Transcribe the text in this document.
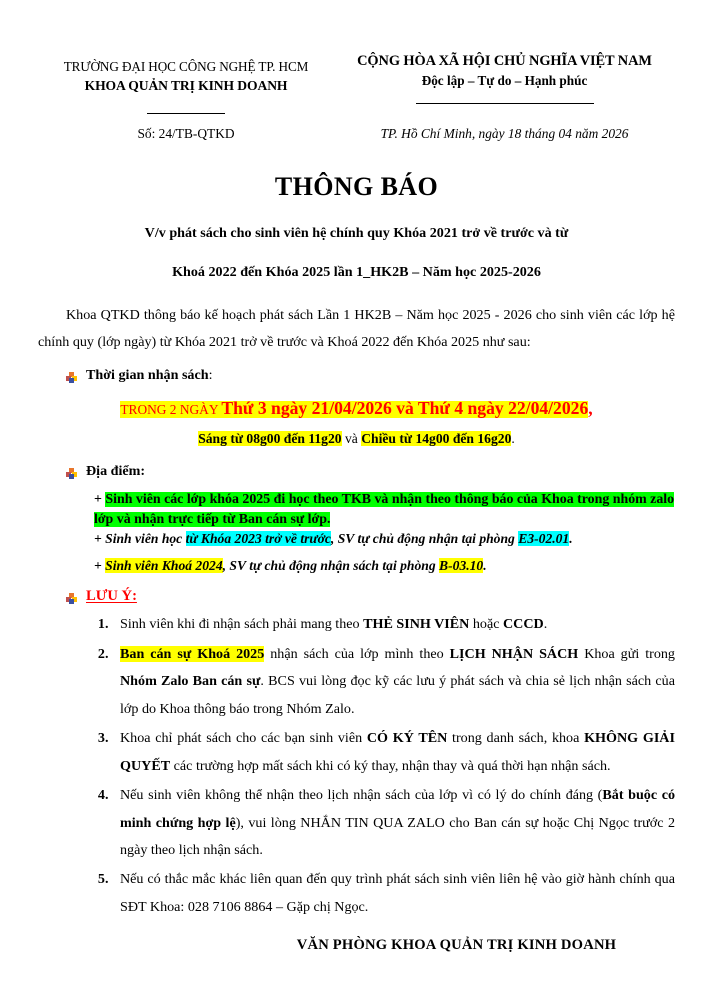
TRƯỜNG ĐẠI HỌC CÔNG NGHỆ TP. HCM
KHOA QUẢN TRỊ KINH DOANH
CỘNG HÒA XÃ HỘI CHỦ NGHĨA VIỆT NAM
Độc lập – Tự do – Hạnh phúc
Số: 24/TB-QTKD	TP. Hồ Chí Minh, ngày 18 tháng 04 năm 2026
THÔNG BÁO
V/v phát sách cho sinh viên hệ chính quy Khóa 2021 trở về trước và từ
Khoá 2022 đến Khóa 2025 lần 1_HK2B – Năm học 2025-2026
Khoa QTKD thông báo kế hoạch phát sách Lần 1 HK2B – Năm học 2025 - 2026 cho sinh viên các lớp hệ chính quy (lớp ngày) từ Khóa 2021 trở về trước và Khoá 2022 đến Khóa 2025 như sau:
Thời gian nhận sách:
TRONG 2 NGÀY Thứ 3 ngày 21/04/2026 và Thứ 4 ngày 22/04/2026,
Sáng từ 08g00 đến 11g20 và Chiều từ 14g00 đến 16g20.
Địa điểm:
+ Sinh viên các lớp khóa 2025 đi học theo TKB và nhận theo thông báo của Khoa trong nhóm zalo lớp và nhận trực tiếp từ Ban cán sự lớp.
+ Sinh viên học từ Khóa 2023 trở về trước, SV tự chủ động nhận tại phòng E3-02.01.
+ Sinh viên Khoá 2024, SV tự chủ động nhận sách tại phòng B-03.10.
LƯU Ý:
1. Sinh viên khi đi nhận sách phải mang theo THẺ SINH VIÊN hoặc CCCD.
2. Ban cán sự Khoá 2025 nhận sách của lớp mình theo LỊCH NHẬN SÁCH Khoa gửi trong Nhóm Zalo Ban cán sự. BCS vui lòng đọc kỹ các lưu ý phát sách và chia sẻ lịch nhận sách của lớp do Khoa thông báo trong Nhóm Zalo.
3. Khoa chỉ phát sách cho các bạn sinh viên CÓ KÝ TÊN trong danh sách, khoa KHÔNG GIẢI QUYẾT các trường hợp mất sách khi có ký thay, nhận thay và quá thời hạn nhận sách.
4. Nếu sinh viên không thể nhận theo lịch nhận sách của lớp vì có lý do chính đáng (Bắt buộc có minh chứng hợp lệ), vui lòng NHẮN TIN QUA ZALO cho Ban cán sự hoặc Chị Ngọc trước 2 ngày theo lịch nhận sách.
5. Nếu có thắc mắc khác liên quan đến quy trình phát sách sinh viên liên hệ vào giờ hành chính qua SĐT Khoa: 028 7106 8864 – Gặp chị Ngọc.
VĂN PHÒNG KHOA QUẢN TRỊ KINH DOANH
